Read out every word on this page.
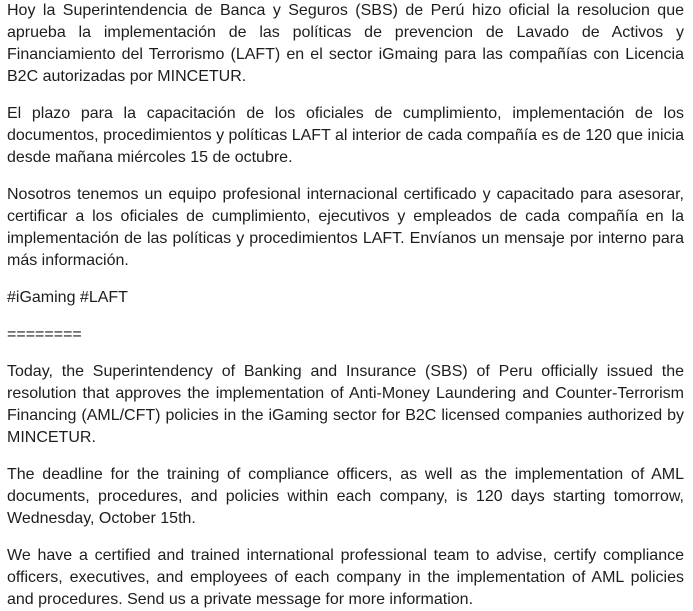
Hoy la Superintendencia de Banca y Seguros (SBS) de Perú hizo oficial la resolucion que aprueba la implementación de las políticas de prevencion de Lavado de Activos y Financiamiento del Terrorismo (LAFT) en el sector iGmaing para las compañías con Licencia B2C autorizadas por MINCETUR.

El plazo para la capacitación de los oficiales de cumplimiento, implementación de los documentos, procedimientos y políticas LAFT al interior de cada compañía es de 120 que inicia desde mañana miércoles 15 de octubre.

Nosotros tenemos un equipo profesional internacional certificado y capacitado para asesorar, certificar a los oficiales de cumplimiento, ejecutivos y empleados de cada compañía en la implementación de las políticas y procedimientos LAFT. Envíanos un mensaje por interno para más información.

#iGaming #LAFT

========

Today, the Superintendency of Banking and Insurance (SBS) of Peru officially issued the resolution that approves the implementation of Anti-Money Laundering and Counter-Terrorism Financing (AML/CFT) policies in the iGaming sector for B2C licensed companies authorized by MINCETUR.

The deadline for the training of compliance officers, as well as the implementation of AML documents, procedures, and policies within each company, is 120 days starting tomorrow, Wednesday, October 15th.

We have a certified and trained international professional team to advise, certify compliance officers, executives, and employees of each company in the implementation of AML policies and procedures. Send us a private message for more information.
